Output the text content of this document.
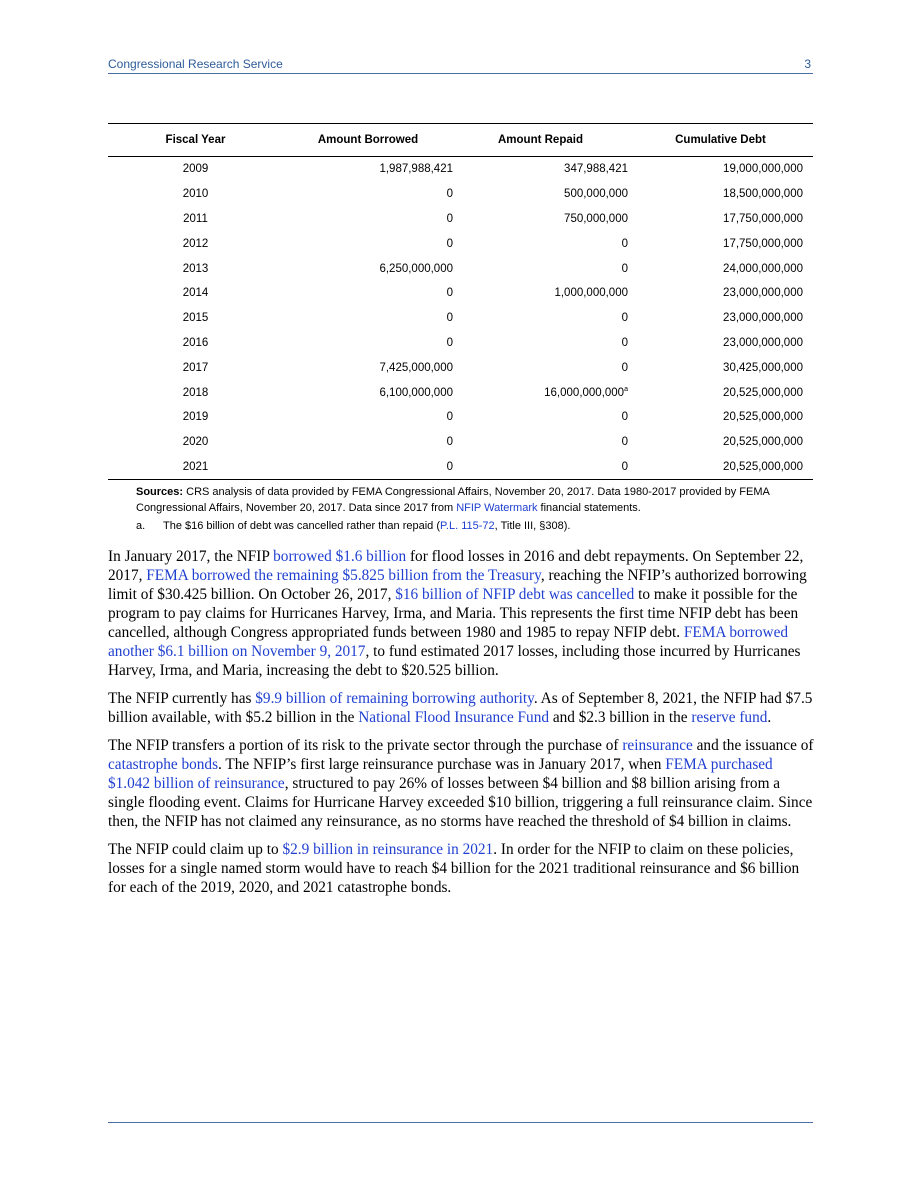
Congressional Research Service	3
Fiscal Year	Amount Borrowed	Amount Repaid	Cumulative Debt
2009	1,987,988,421	347,988,421	19,000,000,000
2010	0	500,000,000	18,500,000,000
2011	0	750,000,000	17,750,000,000
2012	0	0	17,750,000,000
2013	6,250,000,000	0	24,000,000,000
2014	0	1,000,000,000	23,000,000,000
2015	0	0	23,000,000,000
2016	0	0	23,000,000,000
2017	7,425,000,000	0	30,425,000,000
2018	6,100,000,000	16,000,000,000$^a$	20,525,000,000
2019	0	0	20,525,000,000
2020	0	0	20,525,000,000
2021	0	0	20,525,000,000
Sources: CRS analysis of data provided by FEMA Congressional Affairs, November 20, 2017. Data 1980-2017 provided by FEMA Congressional Affairs, November 20, 2017. Data since 2017 from NFIP Watermark financial statements.
a. The $16 billion of debt was cancelled rather than repaid (P.L. 115-72, Title III, §308).

In January 2017, the NFIP borrowed $1.6 billion for flood losses in 2016 and debt repayments. On September 22, 2017, FEMA borrowed the remaining $5.825 billion from the Treasury, reaching the NFIP’s authorized borrowing limit of $30.425 billion. On October 26, 2017, $16 billion of NFIP debt was cancelled to make it possible for the program to pay claims for Hurricanes Harvey, Irma, and Maria. This represents the first time NFIP debt has been cancelled, although Congress appropriated funds between 1980 and 1985 to repay NFIP debt. FEMA borrowed another $6.1 billion on November 9, 2017, to fund estimated 2017 losses, including those incurred by Hurricanes Harvey, Irma, and Maria, increasing the debt to $20.525 billion.

The NFIP currently has $9.9 billion of remaining borrowing authority. As of September 8, 2021, the NFIP had $7.5 billion available, with $5.2 billion in the National Flood Insurance Fund and $2.3 billion in the reserve fund.

The NFIP transfers a portion of its risk to the private sector through the purchase of reinsurance and the issuance of catastrophe bonds. The NFIP’s first large reinsurance purchase was in January 2017, when FEMA purchased $1.042 billion of reinsurance, structured to pay 26% of losses between $4 billion and $8 billion arising from a single flooding event. Claims for Hurricane Harvey exceeded $10 billion, triggering a full reinsurance claim. Since then, the NFIP has not claimed any reinsurance, as no storms have reached the threshold of $4 billion in claims.

The NFIP could claim up to $2.9 billion in reinsurance in 2021. In order for the NFIP to claim on these policies, losses for a single named storm would have to reach $4 billion for the 2021 traditional reinsurance and $6 billion for each of the 2019, 2020, and 2021 catastrophe bonds.
